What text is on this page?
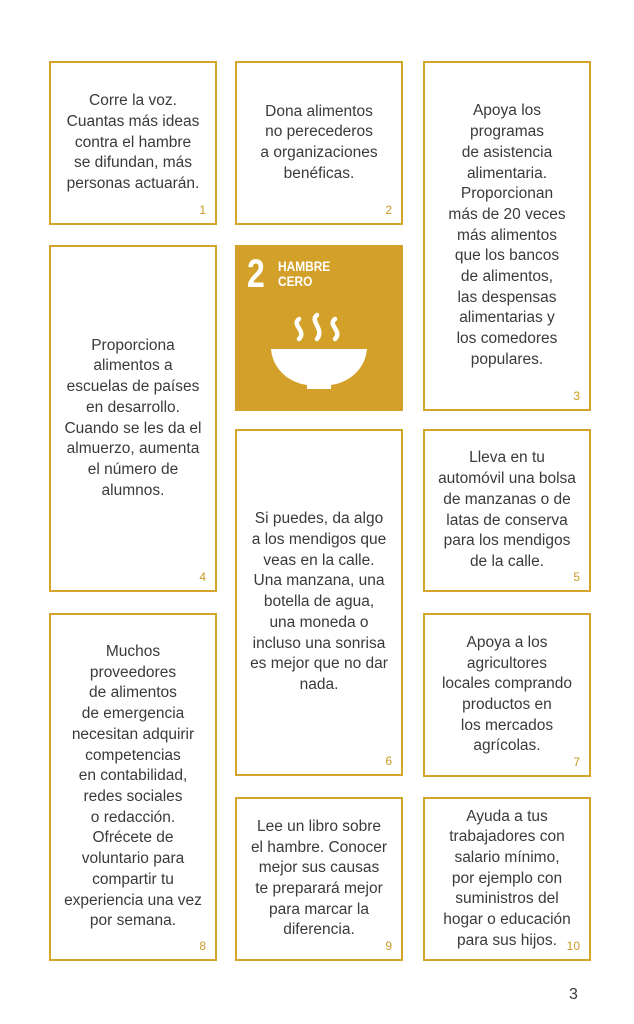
Corre la voz.
Cuantas más ideas
contra el hambre
se difundan, más
personas actuarán.
1
Dona alimentos
no perecederos
a organizaciones
benéficas.
2
Apoya los
programas
de asistencia
alimentaria.
Proporcionan
más de 20 veces
más alimentos
que los bancos
de alimentos,
las despensas
alimentarias y
los comedores
populares.
3
Proporciona
alimentos a
escuelas de países
en desarrollo.
Cuando se les da el
almuerzo, aumenta
el número de
alumnos.
4
2 HAMBRE
CERO
Lleva en tu
automóvil una bolsa
de manzanas o de
latas de conserva
para los mendigos
de la calle.
5
Si puedes, da algo
a los mendigos que
veas en la calle.
Una manzana, una
botella de agua,
una moneda o
incluso una sonrisa
es mejor que no dar
nada.
6
Apoya a los
agricultores
locales comprando
productos en
los mercados
agrícolas.
7
Muchos
proveedores
de alimentos
de emergencia
necesitan adquirir
competencias
en contabilidad,
redes sociales
o redacción.
Ofrécete de
voluntario para
compartir tu
experiencia una vez
por semana.
8
Lee un libro sobre
el hambre. Conocer
mejor sus causas
te preparará mejor
para marcar la
diferencia.
9
Ayuda a tus
trabajadores con
salario mínimo,
por ejemplo con
suministros del
hogar o educación
para sus hijos. 10
3
